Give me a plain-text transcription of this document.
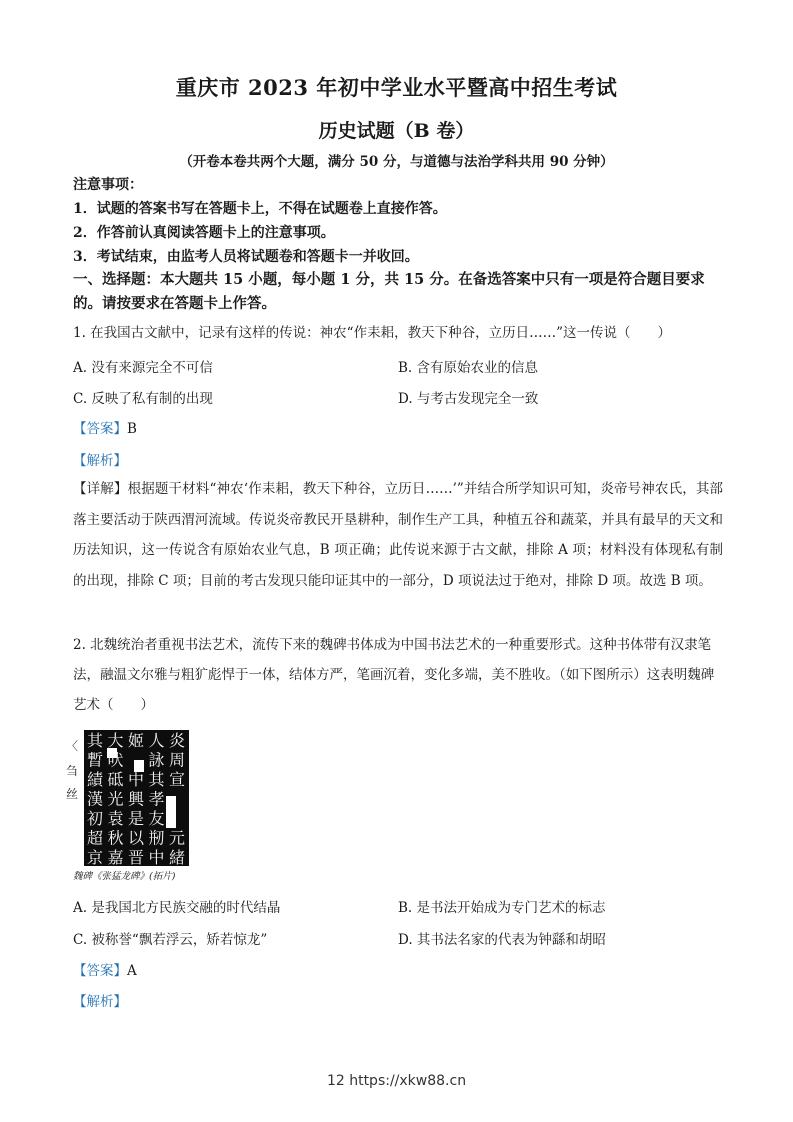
重庆市 2023 年初中学业水平暨高中招生考试
历史试题（B 卷）
（开卷本卷共两个大题，满分 50 分，与道德与法治学科共用 90 分钟）
注意事项：
1．试题的答案书写在答题卡上，不得在试题卷上直接作答。
2．作答前认真阅读答题卡上的注意事项。
3．考试结束，由监考人员将试题卷和答题卡一并收回。
一、选择题：本大题共 15 小题，每小题 1 分，共 15 分。在备选答案中只有一项是符合题目要求的。请按要求在答题卡上作答。
1. 在我国古文献中，记录有这样的传说：神农“作耒耜，教天下种谷，立历日……”这一传说（　　）
A. 没有来源完全不可信	B. 含有原始农业的信息
C. 反映了私有制的出现	D. 与考古发现完全一致
【答案】B
【解析】
【详解】根据题干材料“神农‘作耒耜，教天下种谷，立历日……’”并结合所学知识可知，炎帝号神农氏，其部落主要活动于陕西渭河流域。传说炎帝教民开垦耕种，制作生产工具，种植五谷和蔬菜，并具有最早的天文和历法知识，这一传说含有原始农业气息，B 项正确；此传说来源于古文献，排除 A 项；材料没有体现私有制的出现，排除 C 项；目前的考古发现只能印证其中的一部分，D 项说法过于绝对，排除 D 项。故选 B 项。
2. 北魏统治者重视书法艺术，流传下来的魏碑书体成为中国书法艺术的一种重要形式。这种书体带有汉隶笔法，融温文尔雅与粗犷彪悍于一体，结体方严，笔画沉着，变化多端，美不胜收。（如下图所示）这表明魏碑艺术（　　）
〈
刍
丝
其 大 姬 人 炎
暫 吠 詠 周
績 砥 中 其 宣
漢 光 興 孝
初 袁 是 友
超 秋 以 剏 元
京 嘉 晋 中 緒
魏碑《张猛龙碑》(拓片)
A. 是我国北方民族交融的时代结晶	B. 是书法开始成为专门艺术的标志
C. 被称誉“飘若浮云，矫若惊龙”	D. 其书法名家的代表为钟繇和胡昭
【答案】A
【解析】
12 https://xkw88.cn
